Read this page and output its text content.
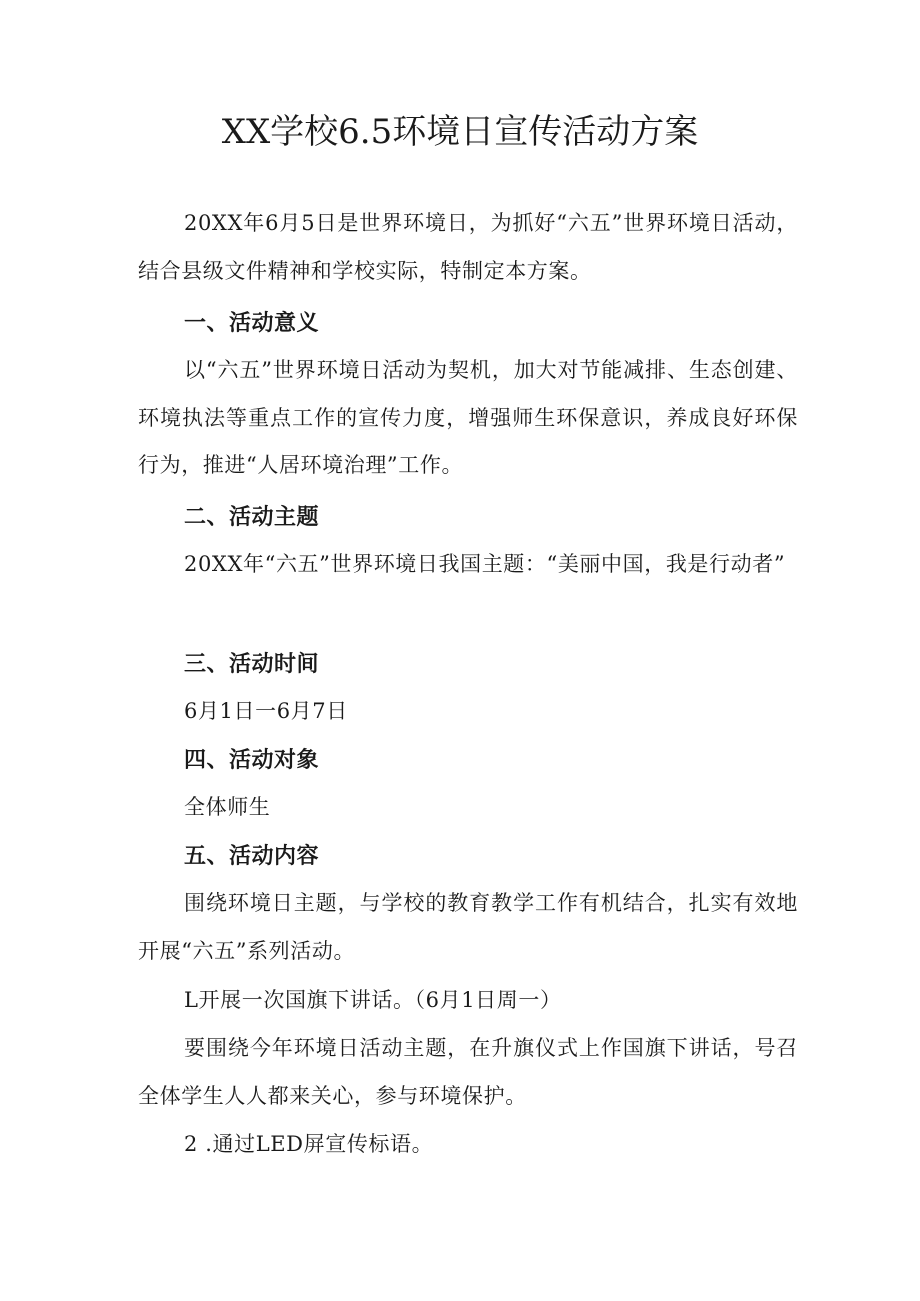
XX学校6.5环境日宣传活动方案
20XX年6月5日是世界环境日，为抓好“六五”世界环境日活动，结合县级文件精神和学校实际，特制定本方案。
一、活动意义
以“六五”世界环境日活动为契机，加大对节能减排、生态创建、环境执法等重点工作的宣传力度，增强师生环保意识，养成良好环保行为，推进“人居环境治理”工作。
二、活动主题
20XX年“六五”世界环境日我国主题：“美丽中国，我是行动者”
三、活动时间
6月1日一6月7日
四、活动对象
全体师生
五、活动内容
围绕环境日主题，与学校的教育教学工作有机结合，扎实有效地开展“六五”系列活动。
L开展一次国旗下讲话。（6月1日周一）
要围绕今年环境日活动主题，在升旗仪式上作国旗下讲话，号召全体学生人人都来关心，参与环境保护。
2 .通过LED屏宣传标语。
